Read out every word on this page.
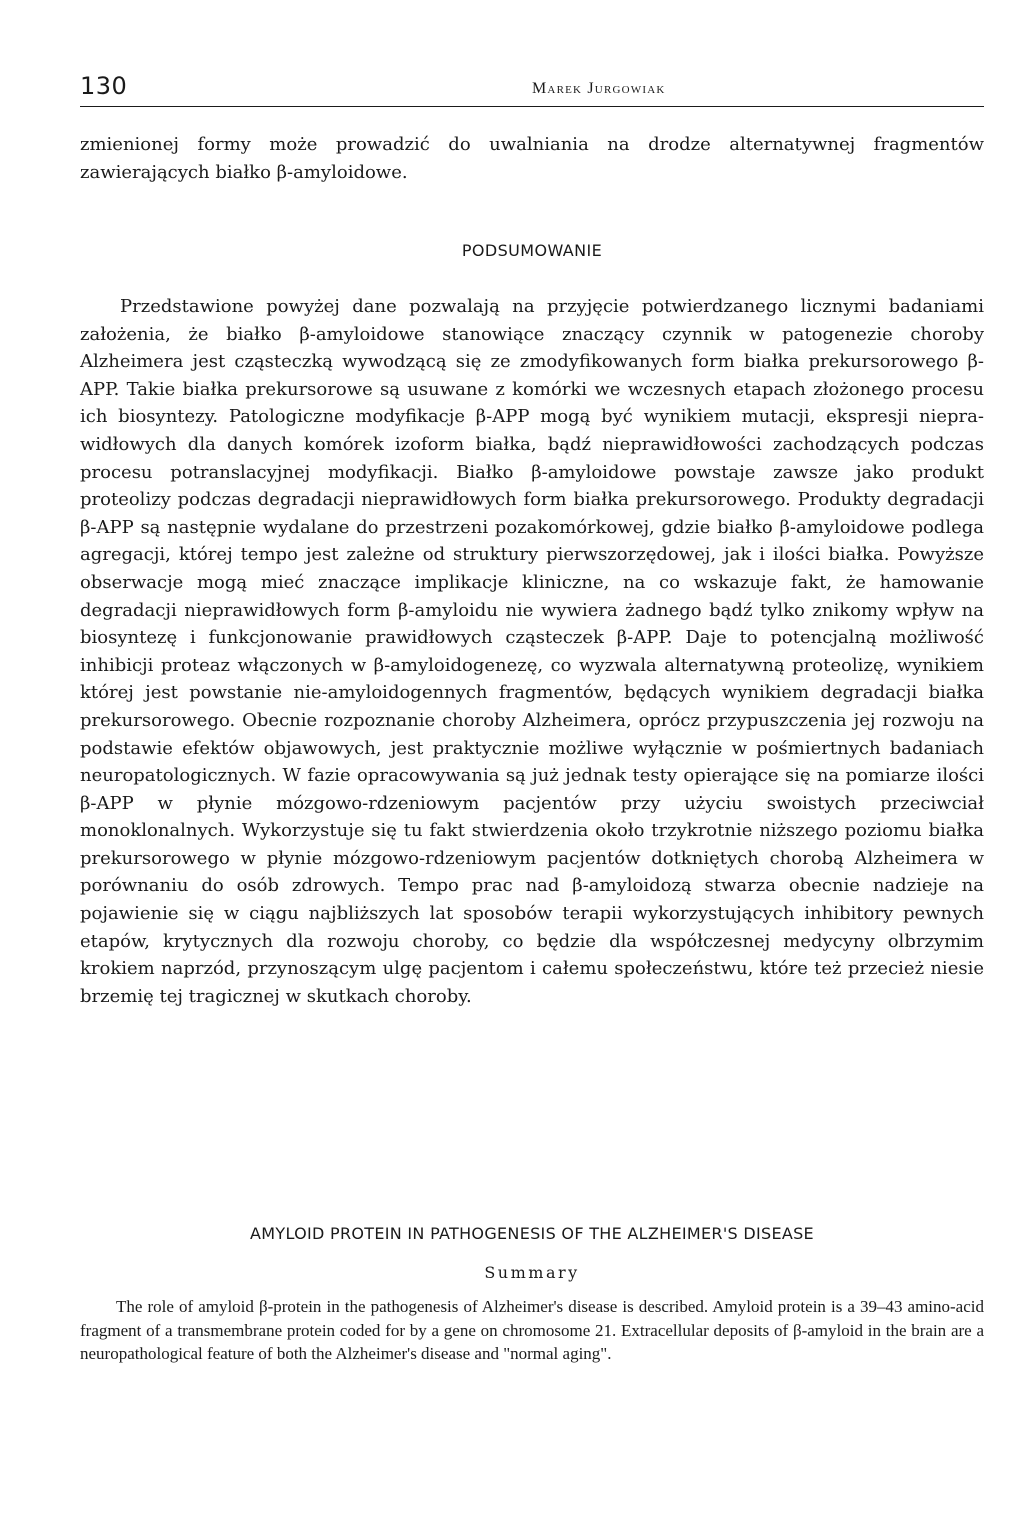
130	Marek Jurgowiak

zmienionej formy może prowadzić do uwalniania na drodze alternatywnej fragmentów zawierających białko β-amyloidowe.

PODSUMOWANIE

Przedstawione powyżej dane pozwalają na przyjęcie potwierdzanego licznymi badaniami założenia, że białko β-amyloidowe stanowiące znaczący czynnik w patogenezie choroby Alzheimera jest cząsteczką wywodzącą się ze zmodyfikowanych form białka prekursorowego β-APP. Takie białka prekursorowe są usuwane z komórki we wczesnych etapach złożonego procesu ich biosyntezy. Patologiczne modyfikacje β-APP mogą być wynikiem mutacji, ekspresji nieprawidłowych dla danych komórek izoform białka, bądź nieprawidłowości zachodzących podczas procesu potranslacyjnej modyfikacji. Białko β-amyloidowe powstaje zawsze jako produkt proteolizy podczas degradacji nieprawidłowych form białka prekursorowego. Produkty degradacji β-APP są następnie wydalane do przestrzeni pozakomórkowej, gdzie białko β-amyloidowe podlega agregacji, której tempo jest zależne od struktury pierwszorzędowej, jak i ilości białka. Powyższe obserwacje mogą mieć znaczące implikacje kliniczne, na co wskazuje fakt, że hamowanie degradacji nieprawidłowych form β-amyloidu nie wywiera żadnego bądź tylko znikomy wpływ na biosyntezę i funkcjonowanie prawidłowych cząsteczek β-APP. Daje to potencjalną możliwość inhibicji proteaz włączonych w β-amyloidogenezę, co wyzwala alternatywną proteolizę, wynikiem której jest powstanie nie-amyloidogennych fragmentów, będących wynikiem degradacji białka prekursorowego. Obecnie rozpoznanie choroby Alzheimera, oprócz przypuszczenia jej rozwoju na podstawie efektów objawowych, jest praktycznie możliwe wyłącznie w pośmiertnych badaniach neuropatologicznych. W fazie opracowywania są już jednak testy opierające się na pomiarze ilości β-APP w płynie mózgowo-rdzeniowym pacjentów przy użyciu swoistych przeciwciał monoklonalnych. Wykorzystuje się tu fakt stwierdzenia około trzykrotnie niższego poziomu białka prekursorowego w płynie mózgowo-rdzeniowym pacjentów dotkniętych chorobą Alzheimera w porównaniu do osób zdrowych. Tempo prac nad β-amyloidozą stwarza obecnie nadzieje na pojawienie się w ciągu najbliższych lat sposobów terapii wykorzystujących inhibitory pewnych etapów, krytycznych dla rozwoju choroby, co będzie dla współczesnej medycyny olbrzymim krokiem naprzód, przynoszącym ulgę pacjentom i całemu społeczeństwu, które też przecież niesie brzemię tej tragicznej w skutkach choroby.

AMYLOID PROTEIN IN PATHOGENESIS OF THE ALZHEIMER'S DISEASE
Summary

The role of amyloid β-protein in the pathogenesis of Alzheimer's disease is described. Amyloid protein is a 39–43 amino-acid fragment of a transmembrane protein coded for by a gene on chromosome 21. Extracellular deposits of β-amyloid in the brain are a neuropathological feature of both the Alzheimer's disease and "normal aging".
